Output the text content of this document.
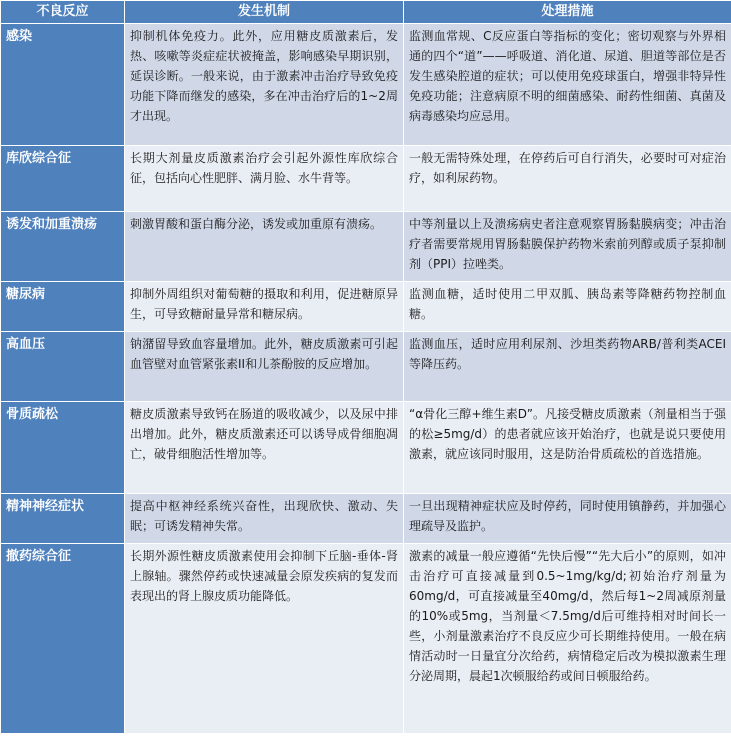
不良反应	发生机制	处理措施
感染	抑制机体免疫力。此外，应用糖皮质激素后，发热、咳嗽等炎症症状被掩盖，影响感染早期识别，延误诊断。一般来说，由于激素冲击治疗导致免疫功能下降而继发的感染，多在冲击治疗后的1~2周才出现。	监测血常规、C反应蛋白等指标的变化；密切观察与外界相通的四个“道”——呼吸道、消化道、尿道、胆道等部位是否发生感染腔道的症状；可以使用免疫球蛋白，增强非特异性免疫功能；注意病原不明的细菌感染、耐药性细菌、真菌及病毒感染均应忌用。
库欣综合征	长期大剂量皮质激素治疗会引起外源性库欣综合征，包括向心性肥胖、满月脸、水牛背等。	一般无需特殊处理，在停药后可自行消失，必要时可对症治疗，如利尿药物。
诱发和加重溃疡	刺激胃酸和蛋白酶分泌，诱发或加重原有溃疡。	中等剂量以上及溃疡病史者注意观察胃肠黏膜病变；冲击治疗者需要常规用胃肠黏膜保护药物米索前列醇或质子泵抑制剂（PPI）拉唑类。
糖尿病	抑制外周组织对葡萄糖的摄取和利用，促进糖原异生，可导致糖耐量异常和糖尿病。	监测血糖，适时使用二甲双胍、胰岛素等降糖药物控制血糖。
高血压	钠潴留导致血容量增加。此外，糖皮质激素可引起血管壁对血管紧张素II和儿茶酚胺的反应增加。	监测血压，适时应用利尿剂、沙坦类药物ARB/普利类ACEI等降压药。
骨质疏松	糖皮质激素导致钙在肠道的吸收减少，以及尿中排出增加。此外，糖皮质激素还可以诱导成骨细胞凋亡，破骨细胞活性增加等。	“α骨化三醇+维生素D”。凡接受糖皮质激素（剂量相当于强的松≥5mg/d）的患者就应该开始治疗，也就是说只要使用激素，就应该同时服用，这是防治骨质疏松的首选措施。
精神神经症状	提高中枢神经系统兴奋性，出现欣快、激动、失眠；可诱发精神失常。	一旦出现精神症状应及时停药，同时使用镇静药，并加强心理疏导及监护。
撤药综合征	长期外源性糖皮质激素使用会抑制下丘脑-垂体-肾上腺轴。骤然停药或快速减量会原发疾病的复发而表现出的肾上腺皮质功能降低。	激素的减量一般应遵循“先快后慢”“先大后小”的原则，如冲击治疗可直接减量到0.5~1mg/kg/d;初始治疗剂量为60mg/d，可直接减量至40mg/d，然后每1~2周减原剂量的10%或5mg，当剂量＜7.5mg/d后可维持相对时间长一些，小剂量激素治疗不良反应少可长期维持使用。一般在病情活动时一日量宜分次给药，病情稳定后改为模拟激素生理分泌周期，晨起1次顿服给药或间日顿服给药。
